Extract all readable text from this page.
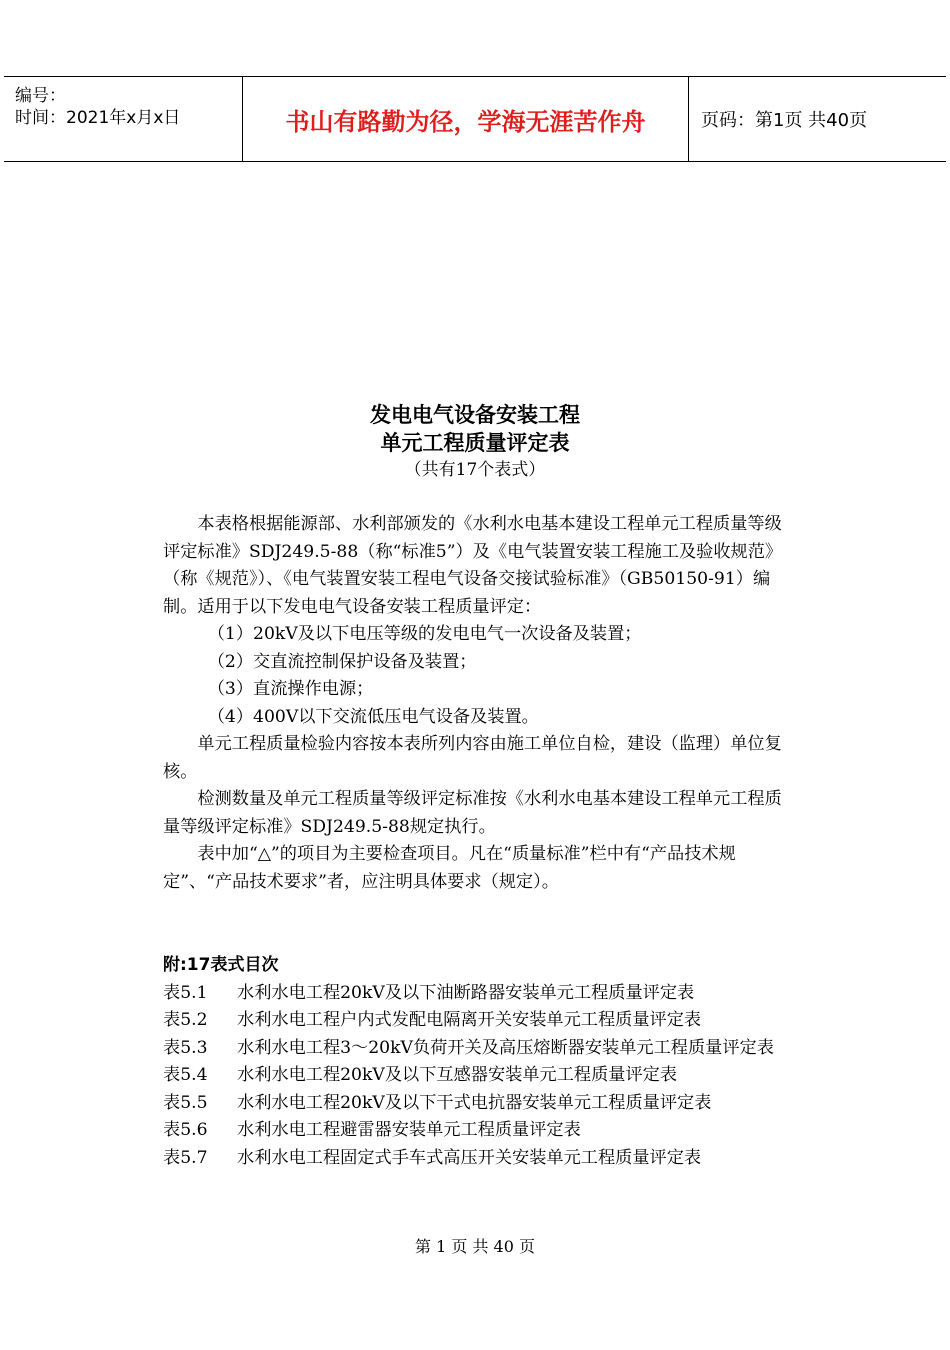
编号：
时间：2021年x月x日	书山有路勤为径，学海无涯苦作舟	页码：第1页 共40页
发电电气设备安装工程
单元工程质量评定表
（共有17个表式）

本表格根据能源部、水利部颁发的《水利水电基本建设工程单元工程质量等级评定标准》SDJ249.5-88（称“标准5”）及《电气装置安装工程施工及验收规范》（称《规范》）、《电气装置安装工程电气设备交接试验标准》（GB50150-91）编制。适用于以下发电电气设备安装工程质量评定：

（1）20kV及以下电压等级的发电电气一次设备及装置；

（2）交直流控制保护设备及装置；

（3）直流操作电源；

（4）400V以下交流低压电气设备及装置。

单元工程质量检验内容按本表所列内容由施工单位自检，建设（监理）单位复核。

检测数量及单元工程质量等级评定标准按《水利水电基本建设工程单元工程质量等级评定标准》SDJ249.5-88规定执行。

表中加“△”的项目为主要检查项目。凡在“质量标准”栏中有“产品技术规定”、“产品技术要求”者，应注明具体要求（规定）。

附:17表式目次
表5.1	水利水电工程20kV及以下油断路器安装单元工程质量评定表
表5.2	水利水电工程户内式发配电隔离开关安装单元工程质量评定表
表5.3	水利水电工程3～20kV负荷开关及高压熔断器安装单元工程质量评定表
表5.4	水利水电工程20kV及以下互感器安装单元工程质量评定表
表5.5	水利水电工程20kV及以下干式电抗器安装单元工程质量评定表
表5.6	水利水电工程避雷器安装单元工程质量评定表
表5.7	水利水电工程固定式手车式高压开关安装单元工程质量评定表
第 1 页 共 40 页
